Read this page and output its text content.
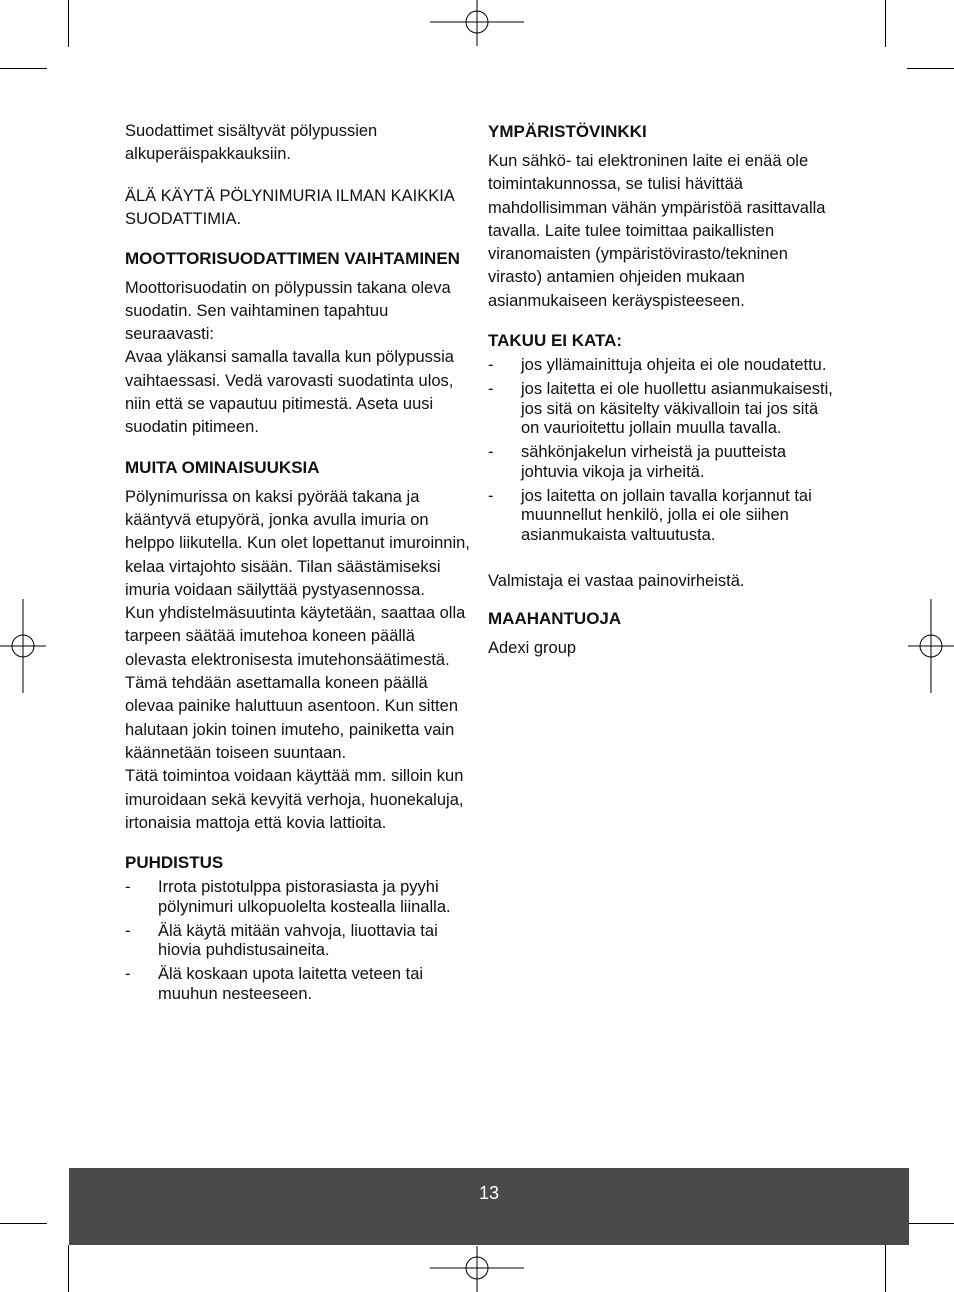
Suodattimet sisältyvät pölypussien alkuperäispakkauksiin.

ÄLÄ KÄYTÄ PÖLYNIMURIA ILMAN KAIKKIA SUODATTIMIA.

MOOTTORISUODATTIMEN VAIHTAMINEN

Moottorisuodatin on pölypussin takana oleva suodatin. Sen vaihtaminen tapahtuu seuraavasti:

Avaa yläkansi samalla tavalla kun pölypussia vaihtaessasi. Vedä varovasti suodatinta ulos, niin että se vapautuu pitimestä. Aseta uusi suodatin pitimeen.

MUITA OMINAISUUKSIA

Pölynimurissa on kaksi pyörää takana ja kääntyvä etupyörä, jonka avulla imuria on helppo liikutella. Kun olet lopettanut imuroinnin, kelaa virtajohto sisään. Tilan säästämiseksi imuria voidaan säilyttää pystyasennossa.

Kun yhdistelmäsuutinta käytetään, saattaa olla tarpeen säätää imutehoa koneen päällä olevasta elektronisesta imutehonsäätimestä. Tämä tehdään asettamalla koneen päällä olevaa painike haluttuun asentoon. Kun sitten halutaan jokin toinen imuteho, painiketta vain käännetään toiseen suuntaan.

Tätä toimintoa voidaan käyttää mm. silloin kun imuroidaan sekä kevyitä verhoja, huonekaluja, irtonaisia mattoja että kovia lattioita.

PUHDISTUS
- Irrota pistotulppa pistorasiasta ja pyyhi pölynimuri ulkopuolelta kostealla liinalla.
- Älä käytä mitään vahvoja, liuottavia tai hiovia puhdistusaineita.
- Älä koskaan upota laitetta veteen tai muuhun nesteeseen.
YMPÄRISTÖVINKKI

Kun sähkö- tai elektroninen laite ei enää ole toimintakunnossa, se tulisi hävittää mahdollisimman vähän ympäristöä rasittavalla tavalla. Laite tulee toimittaa paikallisten viranomaisten (ympäristövirasto/tekninen virasto) antamien ohjeiden mukaan asianmukaiseen keräyspisteeseen.

TAKUU EI KATA:
- jos yllämainittuja ohjeita ei ole noudatettu.
- jos laitetta ei ole huollettu asianmukaisesti, jos sitä on käsitelty väkivalloin tai jos sitä on vaurioitettu jollain muulla tavalla.
- sähkönjakelun virheistä ja puutteista johtuvia vikoja ja virheitä.
- jos laitetta on jollain tavalla korjannut tai muunnellut henkilö, jolla ei ole siihen asianmukaista valtuutusta.

Valmistaja ei vastaa painovirheistä.

MAAHANTUOJA

Adexi group

13
